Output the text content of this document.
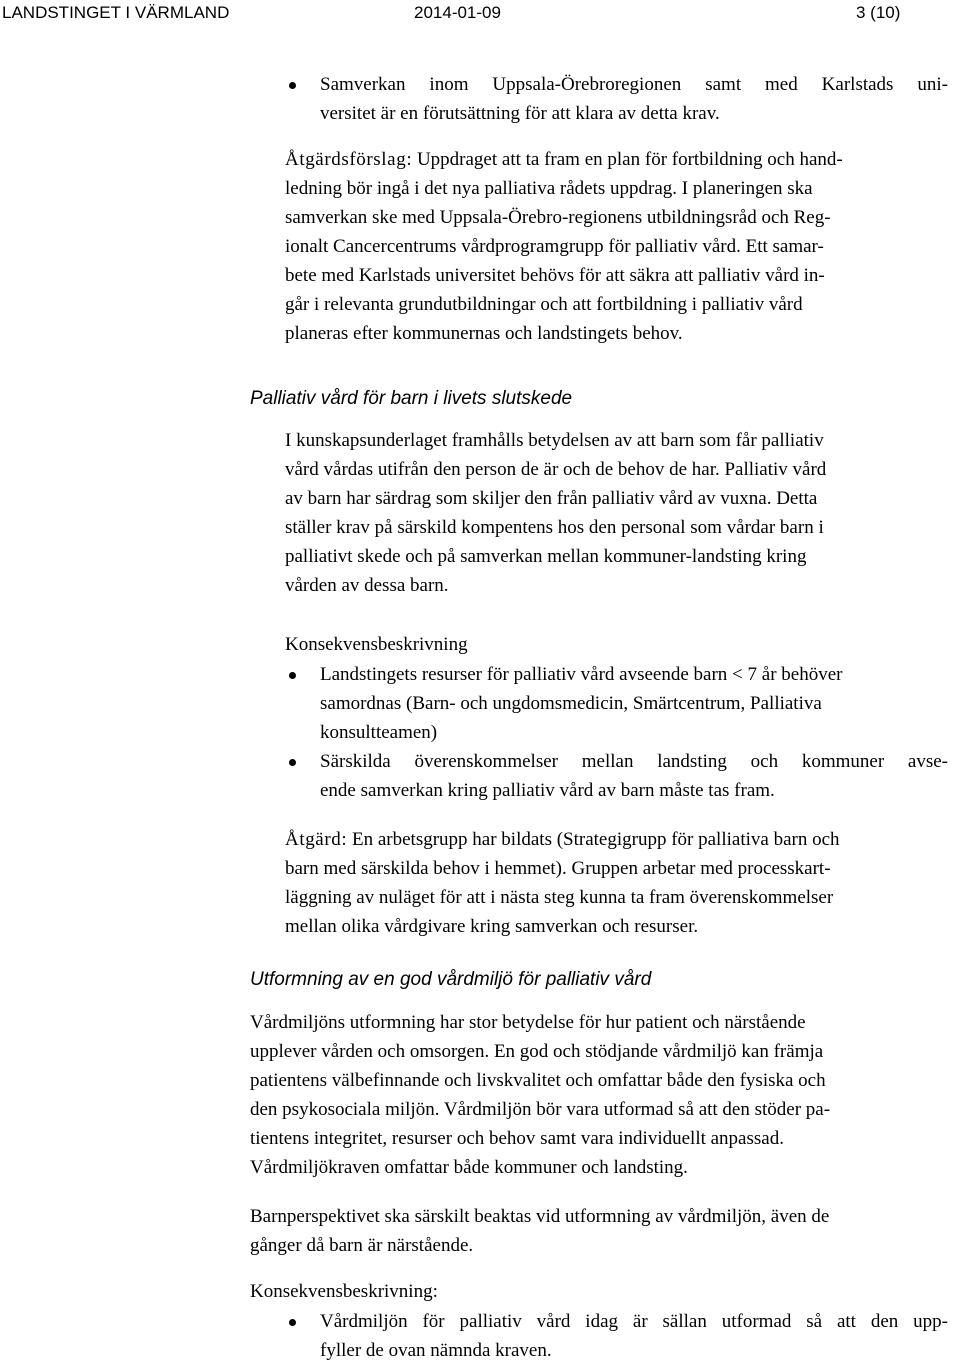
LANDSTINGET I VÄRMLAND	2014-01-09	3 (10)
Samverkan inom Uppsala-Örebroregionen samt med Karlstads uni-
versitet är en förutsättning för att klara av detta krav.
Åtgärdsförslag: Uppdraget att ta fram en plan för fortbildning och hand-
ledning bör ingå i det nya palliativa rådets uppdrag. I planeringen ska
samverkan ske med Uppsala-Örebro-regionens utbildningsråd och Reg-
ionalt Cancercentrums vårdprogramgrupp för palliativ vård. Ett samar-
bete med Karlstads universitet behövs för att säkra att palliativ vård in-
går i relevanta grundutbildningar och att fortbildning i palliativ vård
planeras efter kommunernas och landstingets behov.
Palliativ vård för barn i livets slutskede
I kunskapsunderlaget framhålls betydelsen av att barn som får palliativ
vård vårdas utifrån den person de är och de behov de har. Palliativ vård
av barn har särdrag som skiljer den från palliativ vård av vuxna. Detta
ställer krav på särskild kompentens hos den personal som vårdar barn i
palliativt skede och på samverkan mellan kommuner-landsting kring
vården av dessa barn.
Konsekvensbeskrivning
Landstingets resurser för palliativ vård avseende barn < 7 år behöver
samordnas (Barn- och ungdomsmedicin, Smärtcentrum, Palliativa
konsultteamen)
Särskilda överenskommelser mellan landsting och kommuner avse-
ende samverkan kring palliativ vård av barn måste tas fram.
Åtgärd: En arbetsgrupp har bildats (Strategigrupp för palliativa barn och
barn med särskilda behov i hemmet). Gruppen arbetar med processkart-
läggning av nuläget för att i nästa steg kunna ta fram överenskommelser
mellan olika vårdgivare kring samverkan och resurser.
Utformning av en god vårdmiljö för palliativ vård
Vårdmiljöns utformning har stor betydelse för hur patient och närstående
upplever vården och omsorgen. En god och stödjande vårdmiljö kan främja
patientens välbefinnande och livskvalitet och omfattar både den fysiska och
den psykosociala miljön. Vårdmiljön bör vara utformad så att den stöder pa-
tientens integritet, resurser och behov samt vara individuellt anpassad.
Vårdmiljökraven omfattar både kommuner och landsting.
Barnperspektivet ska särskilt beaktas vid utformning av vårdmiljön, även de
gånger då barn är närstående.
Konsekvensbeskrivning:
Vårdmiljön för palliativ vård idag är sällan utformad så att den upp-
fyller de ovan nämnda kraven.
